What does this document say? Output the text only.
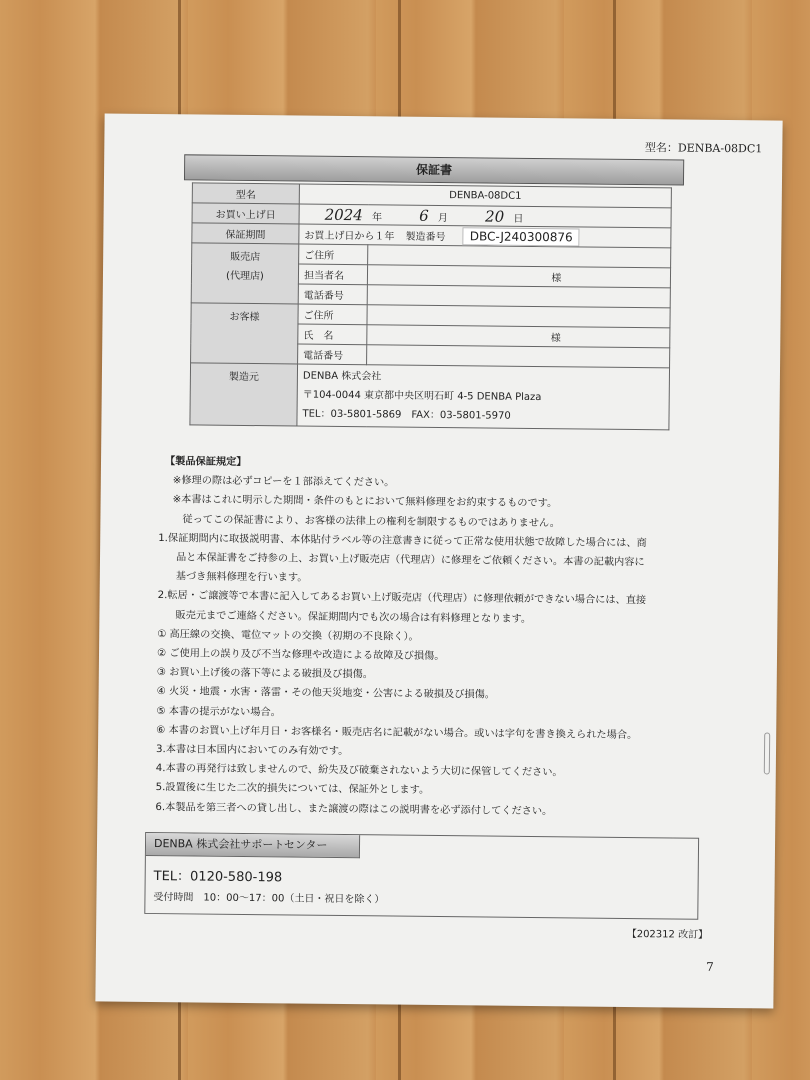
型名：DENBA-08DC1
保証書
型名	DENBA-08DC1	
お買い上げ日	2024 年 6 月 20 日	
保証期間	お買上げ日から１年 製造番号 DBC-J240300876	

販売店
(代理店)	ご住所	
	担当者名	様
	電話番号	
お客様	ご住所	
	氏　名	様
	電話番号	
製造元	DENBA 株式会社
〒104-0044 東京都中央区明石町 4-5 DENBA Plaza
TEL：03-5801-5869　FAX：03-5801-5970	
【製品保証規定】
※修理の際は必ずコピーを１部添えてください。
※本書はこれに明示した期間・条件のもとにおいて無料修理をお約束するものです。
従ってこの保証書により、お客様の法律上の権利を制限するものではありません。
1.保証期間内に取扱説明書、本体貼付ラベル等の注意書きに従って正常な使用状態で故障した場合には、商
品と本保証書をご持参の上、お買い上げ販売店（代理店）に修理をご依頼ください。本書の記載内容に
基づき無料修理を行います。
2.転居・ご譲渡等で本書に記入してあるお買い上げ販売店（代理店）に修理依頼ができない場合には、直接
販売元までご連絡ください。保証期間内でも次の場合は有料修理となります。
① 高圧線の交換、電位マットの交換（初期の不良除く）。
② ご使用上の誤り及び不当な修理や改造による故障及び損傷。
③ お買い上げ後の落下等による破損及び損傷。
④ 火災・地震・水害・落雷・その他天災地変・公害による破損及び損傷。
⑤ 本書の提示がない場合。
⑥ 本書のお買い上げ年月日・お客様名・販売店名に記載がない場合。或いは字句を書き換えられた場合。
3.本書は日本国内においてのみ有効です。
4.本書の再発行は致しませんので、紛失及び破棄されないよう大切に保管してください。
5.設置後に生じた二次的損失については、保証外とします。
6.本製品を第三者への貸し出し、また譲渡の際はこの説明書を必ず添付してください。
DENBA 株式会社サポートセンター
TEL：0120-580-198
受付時間　10：00～17：00（土日・祝日を除く）
【202312 改訂】
7
